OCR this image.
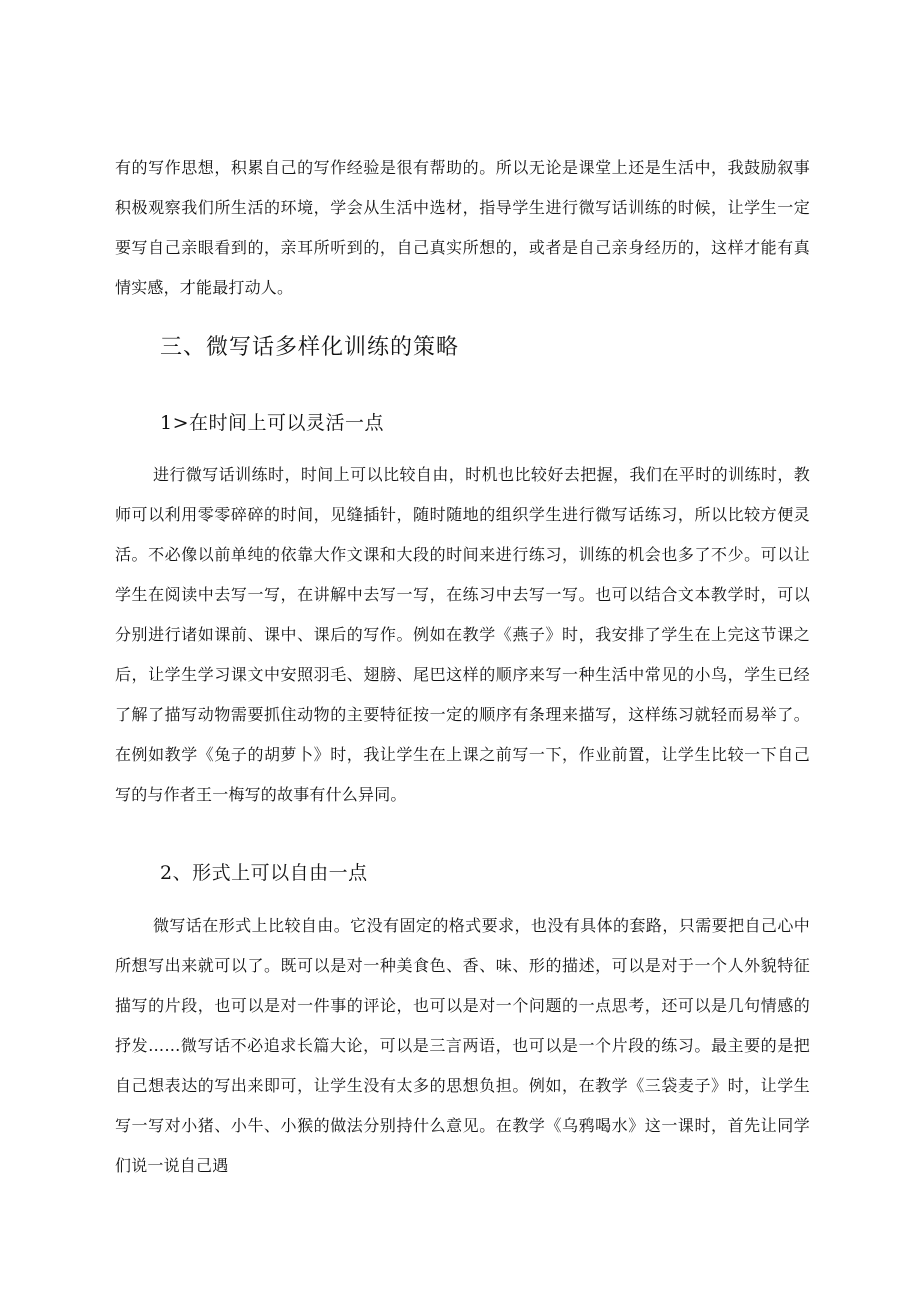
有的写作思想，积累自己的写作经验是很有帮助的。所以无论是课堂上还是生活中，我鼓励叙事积极观察我们所生活的环境，学会从生活中选材，指导学生进行微写话训练的时候，让学生一定要写自己亲眼看到的，亲耳所听到的，自己真实所想的，或者是自己亲身经历的，这样才能有真情实感，才能最打动人。

三、微写话多样化训练的策略
1>在时间上可以灵活一点

进行微写话训练时，时间上可以比较自由，时机也比较好去把握，我们在平时的训练时，教师可以利用零零碎碎的时间，见缝插针，随时随地的组织学生进行微写话练习，所以比较方便灵活。不必像以前单纯的依靠大作文课和大段的时间来进行练习，训练的机会也多了不少。可以让学生在阅读中去写一写，在讲解中去写一写，在练习中去写一写。也可以结合文本教学时，可以分别进行诸如课前、课中、课后的写作。例如在教学《燕子》时，我安排了学生在上完这节课之后，让学生学习课文中安照羽毛、翅膀、尾巴这样的顺序来写一种生活中常见的小鸟，学生已经了解了描写动物需要抓住动物的主要特征按一定的顺序有条理来描写，这样练习就轻而易举了。在例如教学《兔子的胡萝卜》时，我让学生在上课之前写一下，作业前置，让学生比较一下自己写的与作者王一梅写的故事有什么异同。

2、形式上可以自由一点

微写话在形式上比较自由。它没有固定的格式要求，也没有具体的套路，只需要把自己心中所想写出来就可以了。既可以是对一种美食色、香、味、形的描述，可以是对于一个人外貌特征描写的片段，也可以是对一件事的评论，也可以是对一个问题的一点思考，还可以是几句情感的抒发……微写话不必追求长篇大论，可以是三言两语，也可以是一个片段的练习。最主要的是把自己想表达的写出来即可，让学生没有太多的思想负担。例如，在教学《三袋麦子》时，让学生写一写对小猪、小牛、小猴的做法分别持什么意见。在教学《乌鸦喝水》这一课时，首先让同学们说一说自己遇
